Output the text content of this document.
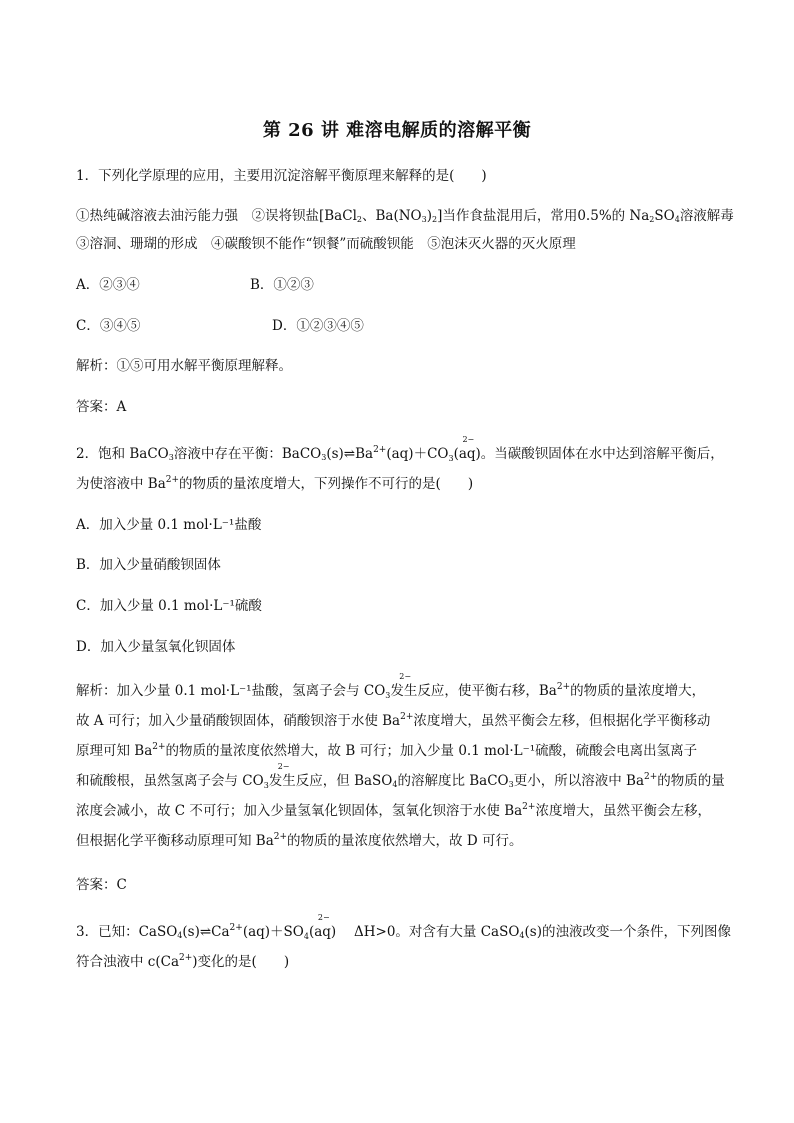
第 26 讲 难溶电解质的溶解平衡
1．下列化学原理的应用，主要用沉淀溶解平衡原理来解释的是(　　)
①热纯碱溶液去油污能力强　②误将钡盐[BaCl$_2$、$Ba(NO_3)_2$]当作食盐混用后，常用0.5%的 $Na_2SO_4$溶液解毒
③溶洞、珊瑚的形成　④碳酸钡不能作“钡餐”而硫酸钡能　⑤泡沫灭火器的灭火原理
A．②③④	B．①②③
C．③④⑤	D．①②③④⑤
解析：①⑤可用水解平衡原理解释。
答案：A
2．饱和 BaCO$_3$溶液中存在平衡：$BaCO_3(s)\rightleftharpoons Ba^{2+}(aq)+CO$
2−
$_3$(aq)。当碳酸钡固体在水中达到溶解平衡后，
为使溶液中 $Ba^{2+}$的物质的量浓度增大，下列操作不可行的是(　　)
A．加入少量 0.1 mol·L⁻¹盐酸
B．加入少量硝酸钡固体
C．加入少量 0.1 mol·L⁻¹硫酸
D．加入少量氢氧化钡固体
解析：加入少量 0.1 mol·L⁻¹盐酸，氢离子会与 CO
2−
$_3$发生反应，使平衡右移，$Ba^{2+}$的物质的量浓度增大，
故 A 可行；加入少量硝酸钡固体，硝酸钡溶于水使 $Ba^{2+}$浓度增大，虽然平衡会左移，但根据化学平衡移动
原理可知 $Ba^{2+}$的物质的量浓度依然增大，故 B 可行；加入少量 0.1 mol·L⁻¹硫酸，硫酸会电离出氢离子
和硫酸根，虽然氢离子会与 CO
2−
$_3$发生反应，但 BaSO$_4$的溶解度比 BaCO$_3$更小，所以溶液中 $Ba^{2+}$的物质的量
浓度会减小，故 C 不可行；加入少量氢氧化钡固体，氢氧化钡溶于水使 $Ba^{2+}$浓度增大，虽然平衡会左移，
但根据化学平衡移动原理可知 $Ba^{2+}$的物质的量浓度依然增大，故 D 可行。
答案：C
3．已知：$CaSO_4(s)\rightleftharpoons Ca^{2+}(aq)+SO$
2−
$_4$(aq)　 ΔH>0。对含有大量 CaSO$_4$(s)的浊液改变一个条件，下列图像
符合浊液中 $c(Ca^{2+})$变化的是(　　)
